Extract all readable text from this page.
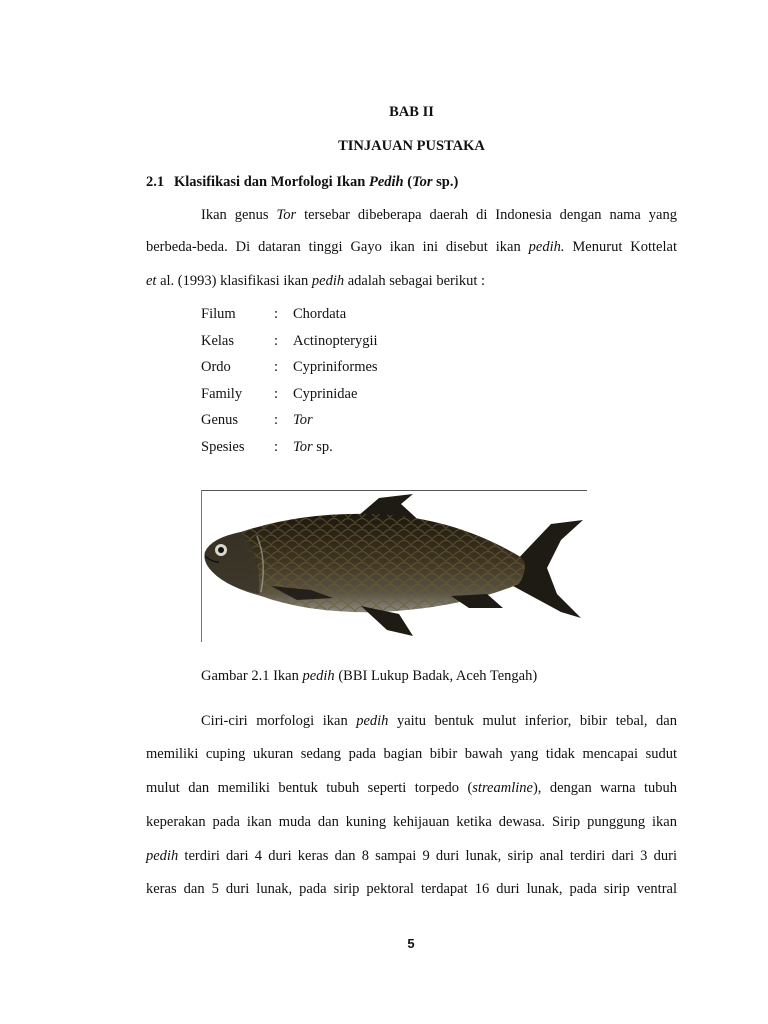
BAB II
TINJAUAN PUSTAKA
2.1 Klasifikasi dan Morfologi Ikan Pedih (Tor sp.)
Ikan genus Tor tersebar dibeberapa daerah di Indonesia dengan nama yang
berbeda-beda. Di dataran tinggi Gayo ikan ini disebut ikan pedih. Menurut Kottelat
et al. (1993) klasifikasi ikan pedih adalah sebagai berikut :
Filum	: Chordata
Kelas	: Actinopterygii
Ordo	: Cypriniformes
Family : Cyprinidae
Genus : Tor
Spesies : Tor sp.
Gambar 2.1 Ikan pedih (BBI Lukup Badak, Aceh Tengah)
Ciri-ciri morfologi ikan pedih yaitu bentuk mulut inferior, bibir tebal, dan
memiliki cuping ukuran sedang pada bagian bibir bawah yang tidak mencapai sudut
mulut dan memiliki bentuk tubuh seperti torpedo (streamline), dengan warna tubuh
keperakan pada ikan muda dan kuning kehijauan ketika dewasa. Sirip punggung ikan
pedih terdiri dari 4 duri keras dan 8 sampai 9 duri lunak, sirip anal terdiri dari 3 duri
keras dan 5 duri lunak, pada sirip pektoral terdapat 16 duri lunak, pada sirip ventral
5
